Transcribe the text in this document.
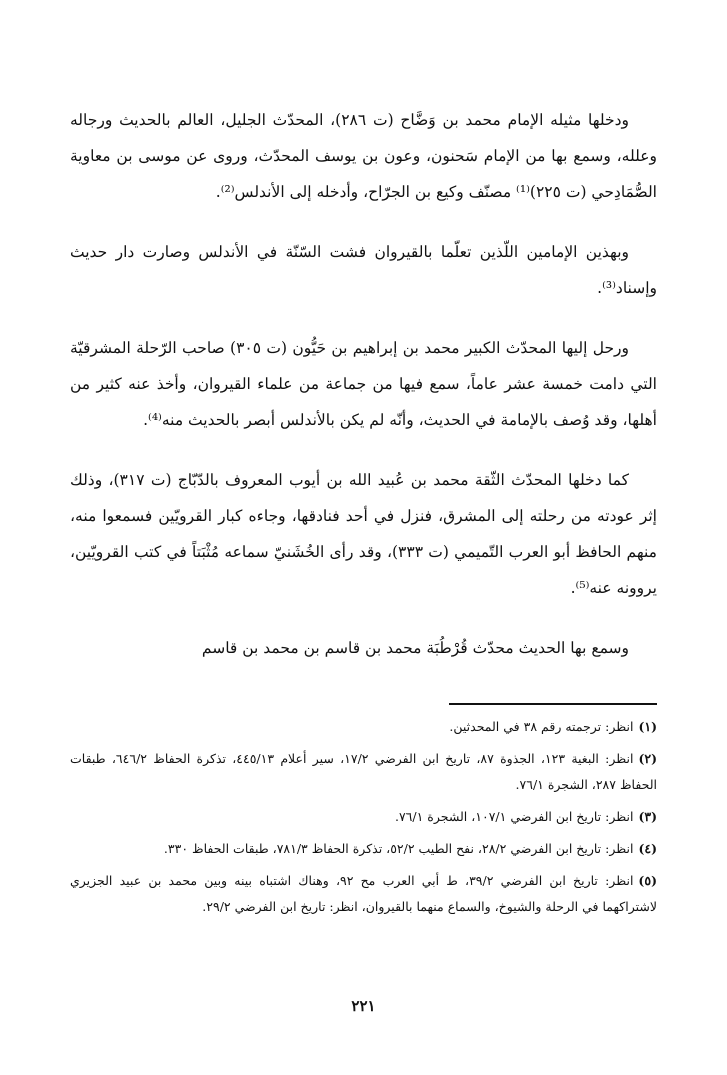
ودخلها مثيله الإمام محمد بن وَضَّاح (ت ٢٨٦)، المحدّث الجليل، العالم بالحديث ورجاله وعلله، وسمع بها من الإمام سَحنون، وعون بن يوسف المحدّث، وروى عن موسى بن معاوية الصُّمَادِحي (ت ٢٢٥)⁽¹⁾ مصنّف وكيع بن الجرّاح، وأدخله إلى الأندلس⁽²⁾.

وبهذين الإمامين اللّذين تعلّما بالقيروان فشت السّنّة في الأندلس وصارت دار حديث وإسناد⁽³⁾.

ورحل إليها المحدّث الكبير محمد بن إبراهيم بن حَيُّون (ت ٣٠٥) صاحب الرّحلة المشرقيّة التي دامت خمسة عشر عاماً، سمع فيها من جماعة من علماء القيروان، وأخذ عنه كثير من أهلها، وقد وُصف بالإمامة في الحديث، وأنّه لم يكن بالأندلس أبصر بالحديث منه⁽⁴⁾.

كما دخلها المحدّث الثّقة محمد بن عُبيد الله بن أيوب المعروف بالدّبّاج (ت ٣١٧)، وذلك إثر عودته من رحلته إلى المشرق، فنزل في أحد فنادقها، وجاءه كبار القرويّين فسمعوا منه، منهم الحافظ أبو العرب التّميمي (ت ٣٣٣)، وقد رأى الخُشَنيّ سماعه مُثْبَتاً في كتب القرويّين، يروونه عنه⁽⁵⁾.

وسمع بها الحديث محدّث قُرْطُبَة محمد بن قاسم بن محمد بن قاسم

(١)انظر: ترجمته رقم ٣٨ في المحدثين.

(٢)انظر: البغية ١٢٣، الجذوة ٨٧، تاريخ ابن الفرضي ١٧/٢، سير أعلام ٤٤٥/١٣، تذكرة الحفاظ ٦٤٦/٢، طبقات الحفاظ ٢٨٧، الشجرة ٧٦/١.

(٣)انظر: تاريخ ابن الفرضي ١٠٧/١، الشجرة ٧٦/١.

(٤)انظر: تاريخ ابن الفرضي ٢٨/٢، نفح الطيب ٥٢/٢، تذكرة الحفاظ ٧٨١/٣، طبقات الحفاظ ٣٣٠.

(٥)انظر: تاريخ ابن الفرضي ٣٩/٢، ط أبي العرب مح ٩٢، وهناك اشتباه بينه وبين محمد بن عبيد الجزيري لاشتراكهما في الرحلة والشيوخ، والسماع منهما بالقيروان، انظر: تاريخ ابن الفرضي ٢٩/٢.

٢٢١
